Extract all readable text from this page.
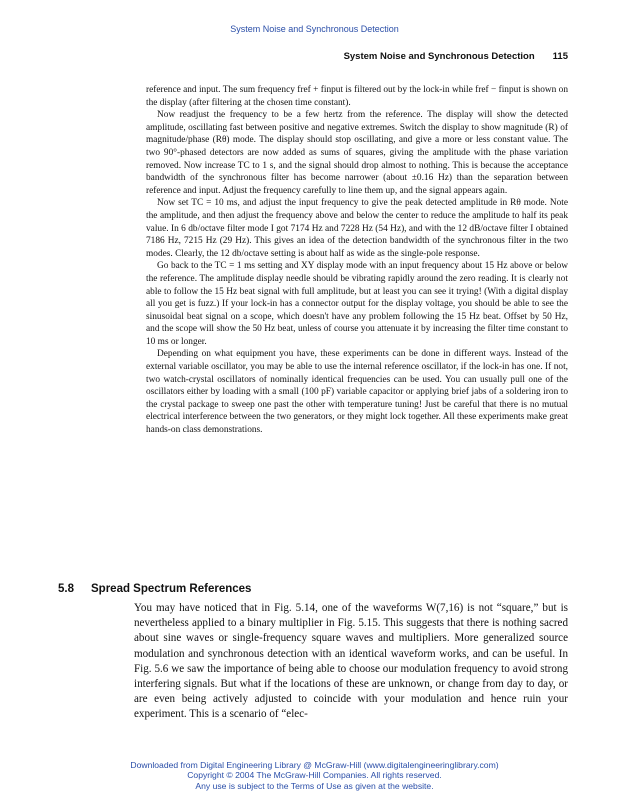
System Noise and Synchronous Detection
System Noise and Synchronous Detection 115

reference and input. The sum frequency fref + finput is filtered out by the lock-in while fref − finput is shown on the display (after filtering at the chosen time constant).

Now readjust the frequency to be a few hertz from the reference. The display will show the detected amplitude, oscillating fast between positive and negative extremes. Switch the display to show magnitude (R) of magnitude/phase (Rθ) mode. The display should stop oscillating, and give a more or less constant value. The two 90°-phased detectors are now added as sums of squares, giving the amplitude with the phase variation removed. Now increase TC to 1 s, and the signal should drop almost to nothing. This is because the acceptance bandwidth of the synchronous filter has become narrower (about ±0.16 Hz) than the separation between reference and input. Adjust the frequency carefully to line them up, and the signal appears again.

Now set TC = 10 ms, and adjust the input frequency to give the peak detected amplitude in Rθ mode. Note the amplitude, and then adjust the frequency above and below the center to reduce the amplitude to half its peak value. In 6 db/octave filter mode I got 7174 Hz and 7228 Hz (54 Hz), and with the 12 dB/octave filter I obtained 7186 Hz, 7215 Hz (29 Hz). This gives an idea of the detection bandwidth of the synchronous filter in the two modes. Clearly, the 12 db/octave setting is about half as wide as the single-pole response.

Go back to the TC = 1 ms setting and XY display mode with an input frequency about 15 Hz above or below the reference. The amplitude display needle should be vibrating rapidly around the zero reading. It is clearly not able to follow the 15 Hz beat signal with full amplitude, but at least you can see it trying! (With a digital display all you get is fuzz.) If your lock-in has a connector output for the display voltage, you should be able to see the sinusoidal beat signal on a scope, which doesn't have any problem following the 15 Hz beat. Offset by 50 Hz, and the scope will show the 50 Hz beat, unless of course you attenuate it by increasing the filter time constant to 10 ms or longer.

Depending on what equipment you have, these experiments can be done in different ways. Instead of the external variable oscillator, you may be able to use the internal reference oscillator, if the lock-in has one. If not, two watch-crystal oscillators of nominally identical frequencies can be used. You can usually pull one of the oscillators either by loading with a small (100 pF) variable capacitor or applying brief jabs of a soldering iron to the crystal package to sweep one past the other with temperature tuning! Just be careful that there is no mutual electrical interference between the two generators, or they might lock together. All these experiments make great hands-on class demonstrations.

5.8 Spread Spectrum References

You may have noticed that in Fig. 5.14, one of the waveforms W(7,16) is not “square,” but is nevertheless applied to a binary multiplier in Fig. 5.15. This suggests that there is nothing sacred about sine waves or single-frequency square waves and multipliers. More generalized source modulation and synchronous detection with an identical waveform works, and can be useful. In Fig. 5.6 we saw the importance of being able to choose our modulation frequency to avoid strong interfering signals. But what if the locations of these are unknown, or change from day to day, or are even being actively adjusted to coincide with your modulation and hence ruin your experiment. This is a scenario of “elec-

Downloaded from Digital Engineering Library @ McGraw-Hill (www.digitalengineeringlibrary.com)
Copyright © 2004 The McGraw-Hill Companies. All rights reserved.
Any use is subject to the Terms of Use as given at the website.
